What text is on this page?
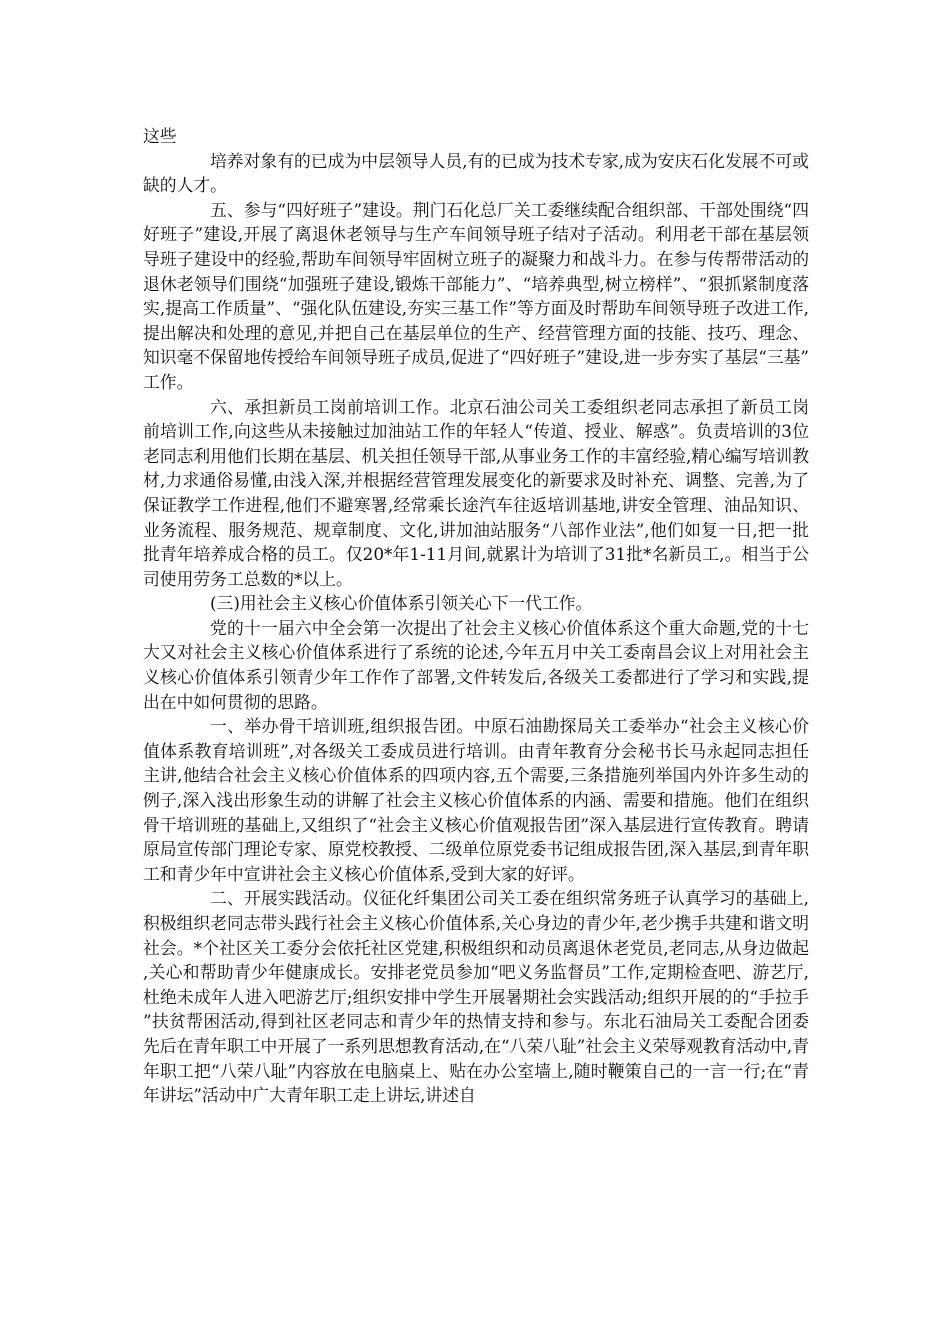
这些

培养对象有的已成为中层领导人员,有的已成为技术专家,成为安庆石化发展不可或缺的人才。

五、参与“四好班子”建设。荆门石化总厂关工委继续配合组织部、干部处围绕“四好班子”建设,开展了离退休老领导与生产车间领导班子结对子活动。利用老干部在基层领导班子建设中的经验,帮助车间领导牢固树立班子的凝聚力和战斗力。在参与传帮带活动的退休老领导们围绕“加强班子建设,锻炼干部能力”、“培养典型,树立榜样”、“狠抓紧制度落实,提高工作质量”、“强化队伍建设,夯实三基工作”等方面及时帮助车间领导班子改进工作,提出解决和处理的意见,并把自己在基层单位的生产、经营管理方面的技能、技巧、理念、知识毫不保留地传授给车间领导班子成员,促进了“四好班子”建设,进一步夯实了基层“三基”工作。

六、承担新员工岗前培训工作。北京石油公司关工委组织老同志承担了新员工岗前培训工作,向这些从未接触过加油站工作的年轻人“传道、授业、解惑”。负责培训的3位老同志利用他们长期在基层、机关担任领导干部,从事业务工作的丰富经验,精心编写培训教材,力求通俗易懂,由浅入深,并根据经营管理发展变化的新要求及时补充、调整、完善,为了保证教学工作进程,他们不避寒署,经常乘长途汽车往返培训基地,讲安全管理、油品知识、业务流程、服务规范、规章制度、文化,讲加油站服务“八部作业法”,他们如复一日,把一批批青年培养成合格的员工。仅20*年1-11月间,就累计为培训了31批*名新员工,。相当于公司使用劳务工总数的*以上。

(三)用社会主义核心价值体系引领关心下一代工作。

党的十一届六中全会第一次提出了社会主义核心价值体系这个重大命题,党的十七大又对社会主义核心价值体系进行了系统的论述,今年五月中关工委南昌会议上对用社会主义核心价值体系引领青少年工作作了部署,文件转发后,各级关工委都进行了学习和实践,提出在中如何贯彻的思路。

一、举办骨干培训班,组织报告团。中原石油勘探局关工委举办“社会主义核心价值体系教育培训班”,对各级关工委成员进行培训。由青年教育分会秘书长马永起同志担任主讲,他结合社会主义核心价值体系的四项内容,五个需要,三条措施列举国内外许多生动的例子,深入浅出形象生动的讲解了社会主义核心价值体系的内涵、需要和措施。他们在组织骨干培训班的基础上,又组织了“社会主义核心价值观报告团”深入基层进行宣传教育。聘请原局宣传部门理论专家、原党校教授、二级单位原党委书记组成报告团,深入基层,到青年职工和青少年中宣讲社会主义核心价值体系,受到大家的好评。

二、开展实践活动。仪征化纤集团公司关工委在组织常务班子认真学习的基础上,积极组织老同志带头践行社会主义核心价值体系,关心身边的青少年,老少携手共建和谐文明社会。*个社区关工委分会依托社区党建,积极组织和动员离退休老党员,老同志,从身边做起,关心和帮助青少年健康成长。安排老党员参加“吧义务监督员”工作,定期检查吧、游艺厅,杜绝未成年人进入吧游艺厅;组织安排中学生开展暑期社会实践活动;组织开展的的“手拉手”扶贫帮困活动,得到社区老同志和青少年的热情支持和参与。东北石油局关工委配合团委先后在青年职工中开展了一系列思想教育活动,在“八荣八耻”社会主义荣辱观教育活动中,青年职工把“八荣八耻”内容放在电脑桌上、贴在办公室墙上,随时鞭策自己的一言一行;在“青年讲坛”活动中广大青年职工走上讲坛,讲述自
